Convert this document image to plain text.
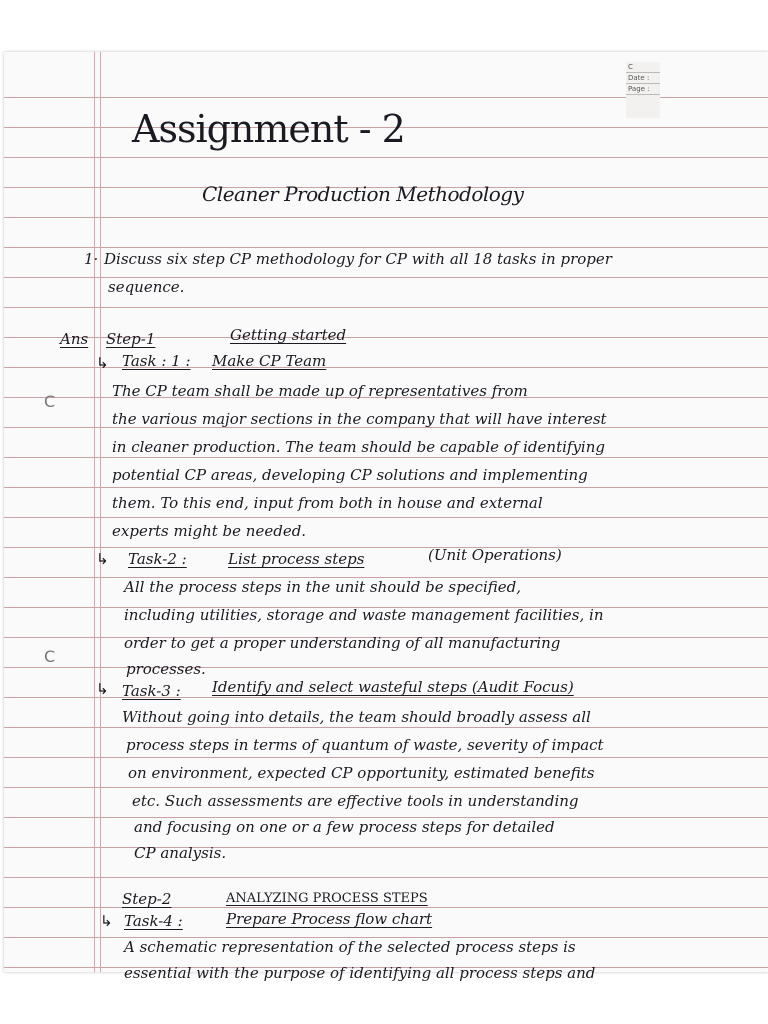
C
Date :
Page :
C
C
Assignment - 2
Cleaner Production Methodology
1· Discuss six step CP methodology for CP with all 18 tasks in proper
sequence.
Ans Step-1	Getting started
↳ Task : 1 : Make CP Team
The CP team shall be made up of representatives from
the various major sections in the company that will have interest
in cleaner production. The team should be capable of identifying
potential CP areas, developing CP solutions and implementing
them. To this end, input from both in house and external
experts might be needed.
↳ Task-2 :	List process steps	(Unit Operations)
All the process steps in the unit should be specified,
including utilities, storage and waste management facilities, in
order to get a proper understanding of all manufacturing
processes.
↳ Task-3 : Identify and select wasteful steps (Audit Focus)
Without going into details, the team should broadly assess all
process steps in terms of quantum of waste, severity of impact
on environment, expected CP opportunity, estimated benefits
etc. Such assessments are effective tools in understanding
and focusing on one or a few process steps for detailed
CP analysis.
Step-2	ANALYZING PROCESS STEPS
↳ Task-4 :	Prepare Process flow chart
A schematic representation of the selected process steps is
essential with the purpose of identifying all process steps and
